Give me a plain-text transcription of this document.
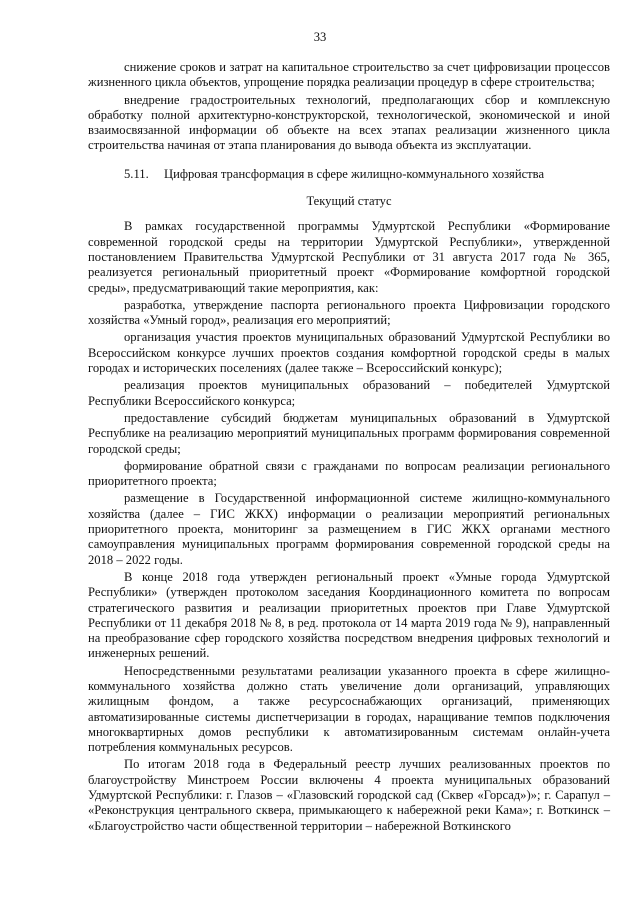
33

снижение сроков и затрат на капитальное строительство за счет цифровизации процессов жизненного цикла объектов, упрощение порядка реализации процедур в сфере строительства;

внедрение градостроительных технологий, предполагающих сбор и комплексную обработку полной архитектурно-конструкторской, технологической, экономической и иной взаимосвязанной информации об объекте на всех этапах реализации жизненного цикла строительства начиная от этапа планирования до вывода объекта из эксплуатации.

5.11. Цифровая трансформация в сфере жилищно-коммунального хозяйства

Текущий статус

В рамках государственной программы Удмуртской Республики «Формирование современной городской среды на территории Удмуртской Республики», утвержденной постановлением Правительства Удмуртской Республики от 31 августа 2017 года № 365, реализуется региональный приоритетный проект «Формирование комфортной городской среды», предусматривающий такие мероприятия, как:

разработка, утверждение паспорта регионального проекта Цифровизации городского хозяйства «Умный город», реализация его мероприятий;

организация участия проектов муниципальных образований Удмуртской Республики во Всероссийском конкурсе лучших проектов создания комфортной городской среды в малых городах и исторических поселениях (далее также – Всероссийский конкурс);

реализация проектов муниципальных образований – победителей Удмуртской Республики Всероссийского конкурса;

предоставление субсидий бюджетам муниципальных образований в Удмуртской Республике на реализацию мероприятий муниципальных программ формирования современной городской среды;

формирование обратной связи с гражданами по вопросам реализации регионального приоритетного проекта;

размещение в Государственной информационной системе жилищно-коммунального хозяйства (далее – ГИС ЖКХ) информации о реализации мероприятий региональных приоритетного проекта, мониторинг за размещением в ГИС ЖКХ органами местного самоуправления муниципальных программ формирования современной городской среды на 2018 – 2022 годы.

В конце 2018 года утвержден региональный проект «Умные города Удмуртской Республики» (утвержден протоколом заседания Координационного комитета по вопросам стратегического развития и реализации приоритетных проектов при Главе Удмуртской Республики от 11 декабря 2018 № 8, в ред. протокола от 14 марта 2019 года № 9), направленный на преобразование сфер городского хозяйства посредством внедрения цифровых технологий и инженерных решений.

Непосредственными результатами реализации указанного проекта в сфере жилищно-коммунального хозяйства должно стать увеличение доли организаций, управляющих жилищным фондом, а также ресурсоснабжающих организаций, применяющих автоматизированные системы диспетчеризации в городах, наращивание темпов подключения многоквартирных домов республики к автоматизированным системам онлайн-учета потребления коммунальных ресурсов.

По итогам 2018 года в Федеральный реестр лучших реализованных проектов по благоустройству Минстроем России включены 4 проекта муниципальных образований Удмуртской Республики: г. Глазов – «Глазовский городской сад (Сквер «Горсад»)»; г. Сарапул – «Реконструкция центрального сквера, примыкающего к набережной реки Кама»; г. Воткинск – «Благоустройство части общественной территории – набережной Воткинского
